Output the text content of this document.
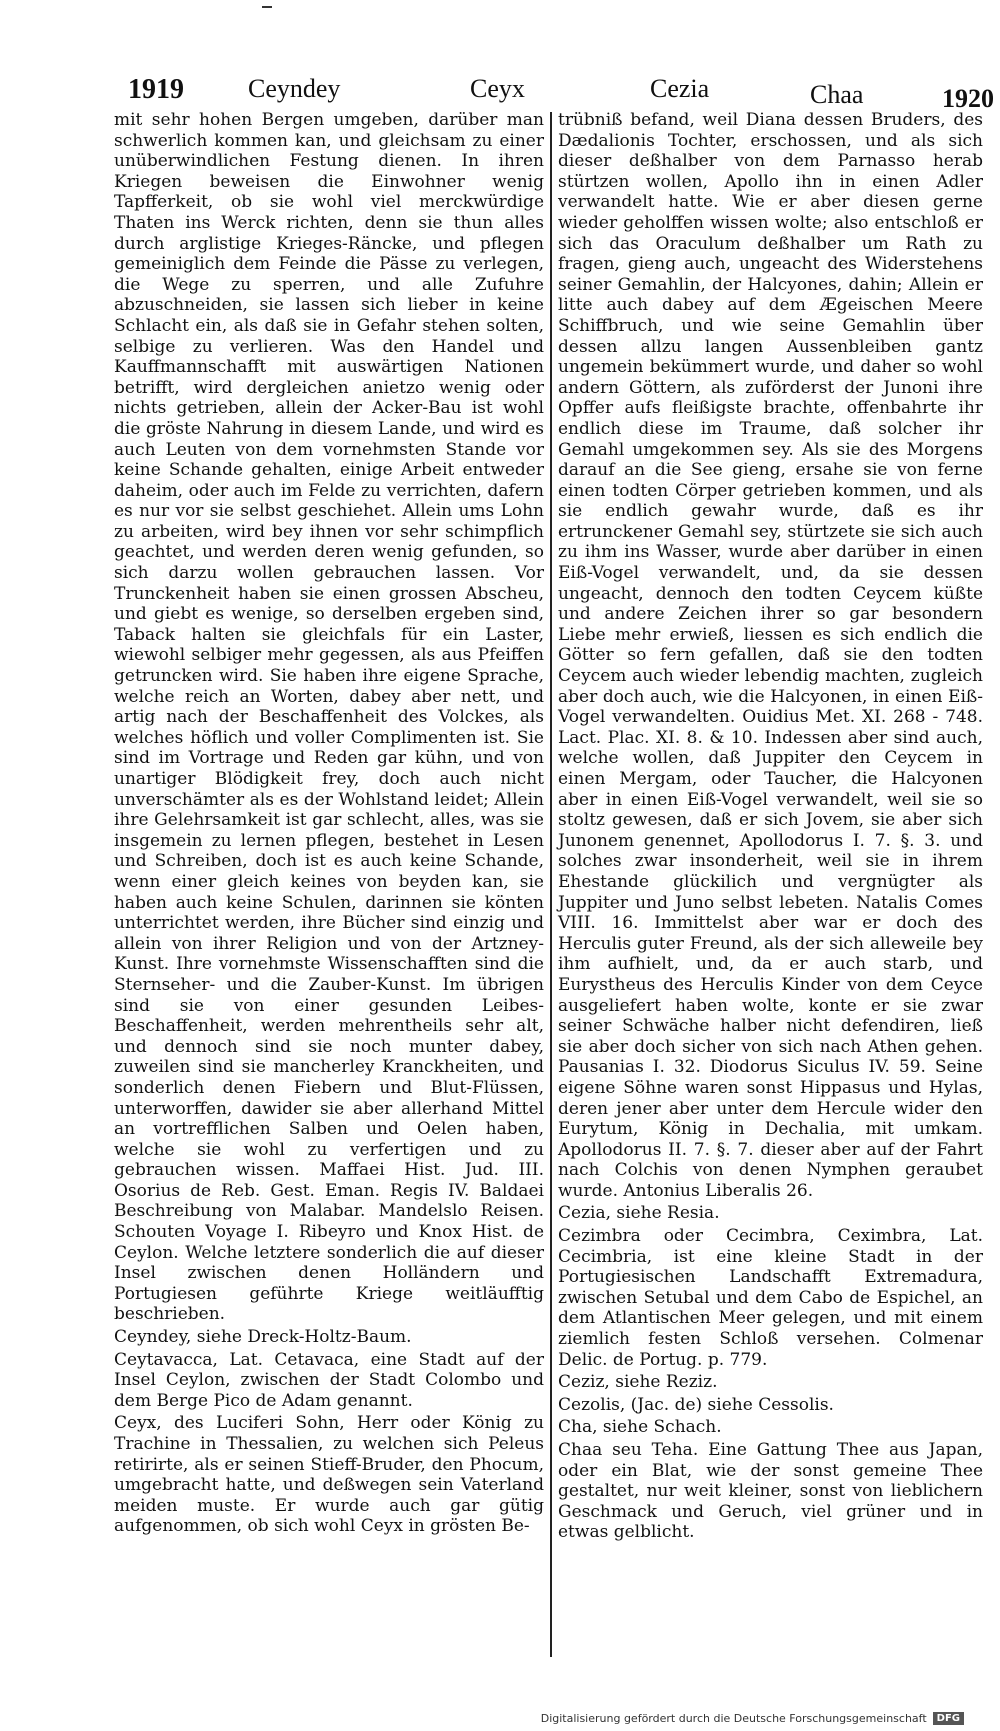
1919 Ceyndey	Ceyx	Cezia	Chaa	1920

mit sehr hohen Bergen umgeben, darüber man schwerlich kommen kan, und gleichsam zu einer unüberwindlichen Festung dienen. In ihren Kriegen beweisen die Einwohner wenig Tapfferkeit, ob sie wohl viel merckwürdige Thaten ins Werck richten, denn sie thun alles durch arglistige Krieges-Räncke, und pflegen gemeiniglich dem Feinde die Pässe zu verlegen, die Wege zu sperren, und alle Zufuhre abzuschneiden, sie lassen sich lieber in keine Schlacht ein, als daß sie in Gefahr stehen solten, selbige zu verlieren. Was den Handel und Kauffmannschafft mit auswärtigen Nationen betrifft, wird dergleichen anietzo wenig oder nichts getrieben, allein der Acker-Bau ist wohl die gröste Nahrung in diesem Lande, und wird es auch Leuten von dem vornehmsten Stande vor keine Schande gehalten, einige Arbeit entweder daheim, oder auch im Felde zu verrichten, dafern es nur vor sie selbst geschiehet. Allein ums Lohn zu arbeiten, wird bey ihnen vor sehr schimpflich geachtet, und werden deren wenig gefunden, so sich darzu wollen gebrauchen lassen. Vor Trunckenheit haben sie einen grossen Abscheu, und giebt es wenige, so derselben ergeben sind, Taback halten sie gleichfals für ein Laster, wiewohl selbiger mehr gegessen, als aus Pfeiffen getruncken wird. Sie haben ihre eigene Sprache, welche reich an Worten, dabey aber nett, und artig nach der Beschaffenheit des Volckes, als welches höflich und voller Complimenten ist. Sie sind im Vortrage und Reden gar kühn, und von unartiger Blödigkeit frey, doch auch nicht unverschämter als es der Wohlstand leidet; Allein ihre Gelehrsamkeit ist gar schlecht, alles, was sie insgemein zu lernen pflegen, bestehet in Lesen und Schreiben, doch ist es auch keine Schande, wenn einer gleich keines von beyden kan, sie haben auch keine Schulen, darinnen sie könten unterrichtet werden, ihre Bücher sind einzig und allein von ihrer Religion und von der Artzney-Kunst. Ihre vornehmste Wissenschafften sind die Sternseher- und die Zauber-Kunst. Im übrigen sind sie von einer gesunden Leibes-Beschaffenheit, werden mehrentheils sehr alt, und dennoch sind sie noch munter dabey, zuweilen sind sie mancherley Kranckheiten, und sonderlich denen Fiebern und Blut-Flüssen, unterworffen, dawider sie aber allerhand Mittel an vortrefflichen Salben und Oelen haben, welche sie wohl zu verfertigen und zu gebrauchen wissen. Maffaei Hist. Jud. III. Osorius de Reb. Gest. Eman. Regis IV. Baldaei Beschreibung von Malabar. Mandelslo Reisen. Schouten Voyage I. Ribeyro und Knox Hist. de Ceylon. Welche letztere sonderlich die auf dieser Insel zwischen denen Holländern und Portugiesen geführte Kriege weitläufftig beschrieben.

Ceyndey, siehe Dreck-Holtz-Baum.

Ceytavacca, Lat. Cetavaca, eine Stadt auf der Insel Ceylon, zwischen der Stadt Colombo und dem Berge Pico de Adam genannt.

Ceyx, des Luciferi Sohn, Herr oder König zu Trachine in Thessalien, zu welchen sich Peleus retirirte, als er seinen Stieff-Bruder, den Phocum, umgebracht hatte, und deßwegen sein Vaterland meiden muste. Er wurde auch gar gütig aufgenommen, ob sich wohl Ceyx in grösten Be-

trübniß befand, weil Diana dessen Bruders, des Dædalionis Tochter, erschossen, und als sich dieser deßhalber von dem Parnasso herab stürtzen wollen, Apollo ihn in einen Adler verwandelt hatte. Wie er aber diesen gerne wieder geholffen wissen wolte; also entschloß er sich das Oraculum deßhalber um Rath zu fragen, gieng auch, ungeacht des Widerstehens seiner Gemahlin, der Halcyones, dahin; Allein er litte auch dabey auf dem Ægeischen Meere Schiffbruch, und wie seine Gemahlin über dessen allzu langen Aussenbleiben gantz ungemein bekümmert wurde, und daher so wohl andern Göttern, als zuförderst der Junoni ihre Opffer aufs fleißigste brachte, offenbahrte ihr endlich diese im Traume, daß solcher ihr Gemahl umgekommen sey. Als sie des Morgens darauf an die See gieng, ersahe sie von ferne einen todten Cörper getrieben kommen, und als sie endlich gewahr wurde, daß es ihr ertrunckener Gemahl sey, stürtzete sie sich auch zu ihm ins Wasser, wurde aber darüber in einen Eiß-Vogel verwandelt, und, da sie dessen ungeacht, dennoch den todten Ceycem küßte und andere Zeichen ihrer so gar besondern Liebe mehr erwieß, liessen es sich endlich die Götter so fern gefallen, daß sie den todten Ceycem auch wieder lebendig machten, zugleich aber doch auch, wie die Halcyonen, in einen Eiß-Vogel verwandelten. Ouidius Met. XI. 268 - 748. Lact. Plac. XI. 8. & 10. Indessen aber sind auch, welche wollen, daß Juppiter den Ceycem in einen Mergam, oder Taucher, die Halcyonen aber in einen Eiß-Vogel verwandelt, weil sie so stoltz gewesen, daß er sich Jovem, sie aber sich Junonem genennet, Apollodorus I. 7. §. 3. und solches zwar insonderheit, weil sie in ihrem Ehestande glückilich und vergnügter als Juppiter und Juno selbst lebeten. Natalis Comes VIII. 16. Immittelst aber war er doch des Herculis guter Freund, als der sich alleweile bey ihm aufhielt, und, da er auch starb, und Eurystheus des Herculis Kinder von dem Ceyce ausgeliefert haben wolte, konte er sie zwar seiner Schwäche halber nicht defendiren, ließ sie aber doch sicher von sich nach Athen gehen. Pausanias I. 32. Diodorus Siculus IV. 59. Seine eigene Söhne waren sonst Hippasus und Hylas, deren jener aber unter dem Hercule wider den Eurytum, König in Dechalia, mit umkam. Apollodorus II. 7. §. 7. dieser aber auf der Fahrt nach Colchis von denen Nymphen geraubet wurde. Antonius Liberalis 26.

Cezia, siehe Resia.

Cezimbra oder Cecimbra, Ceximbra, Lat. Cecimbria, ist eine kleine Stadt in der Portugiesischen Landschafft Extremadura, zwischen Setubal und dem Cabo de Espichel, an dem Atlantischen Meer gelegen, und mit einem ziemlich festen Schloß versehen. Colmenar Delic. de Portug. p. 779.

Ceziz, siehe Reziz.

Cezolis, (Jac. de) siehe Cessolis.

Cha, siehe Schach.

Chaa seu Teha. Eine Gattung Thee aus Japan, oder ein Blat, wie der sonst gemeine Thee gestaltet, nur weit kleiner, sonst von lieblichern Geschmack und Geruch, viel grüner und in etwas gelblicht.

Digitalisierung gefördert durch die Deutsche Forschungsgemeinschaft	DFG
